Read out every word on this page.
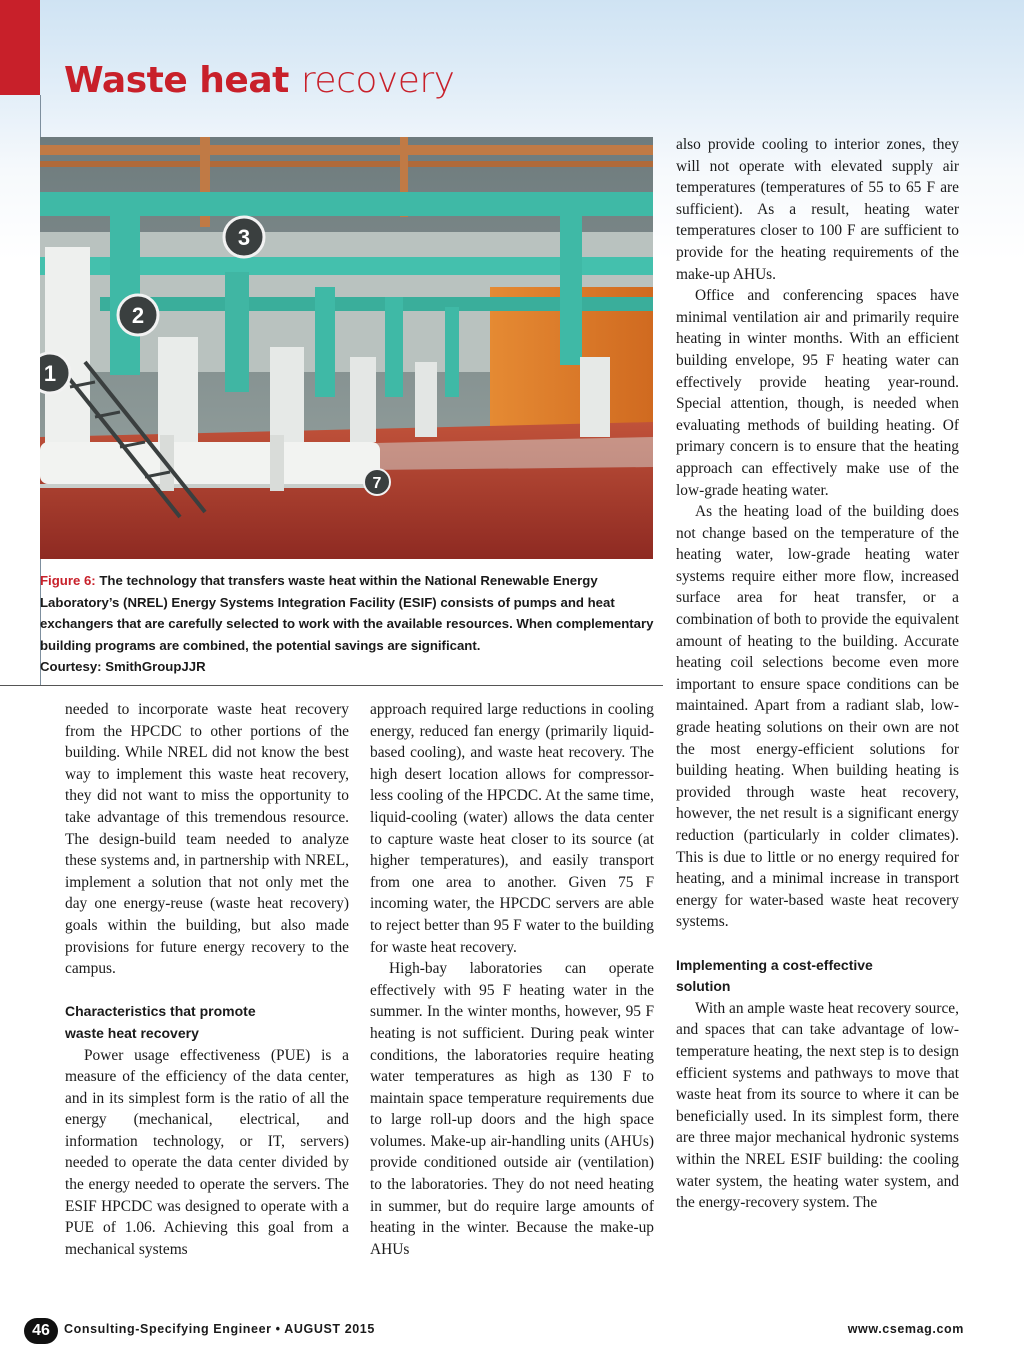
Waste heat recovery
1
2
3
7
Figure 6: The technology that transfers waste heat within the National Renewable Energy Laboratory’s (NREL) Energy Systems Integration Facility (ESIF) consists of pumps and heat exchangers that are carefully selected to work with the available resources. When complementary building programs are combined, the potential savings are significant.
Courtesy: SmithGroupJJR

needed to incorporate waste heat recovery from the HPCDC to other portions of the building. While NREL did not know the best way to implement this waste heat recovery, they did not want to miss the opportunity to take advantage of this tremendous resource. The design-build team needed to analyze these systems and, in partnership with NREL, implement a solution that not only met the day one energy-reuse (waste heat recovery) goals within the building, but also made provisions for future energy recovery to the campus.

Characteristics that promote
waste heat recovery

Power usage effectiveness (PUE) is a measure of the efficiency of the data center, and in its simplest form is the ratio of all the energy (mechanical, electrical, and information technology, or IT, servers) needed to operate the data center divided by the energy needed to operate the servers. The ESIF HPCDC was designed to operate with a PUE of 1.06. Achieving this goal from a mechanical systems

approach required large reductions in cooling energy, reduced fan energy (primarily liquid-based cooling), and waste heat recovery. The high desert location allows for compressor-less cooling of the HPCDC. At the same time, liquid-cooling (water) allows the data center to capture waste heat closer to its source (at higher temperatures), and easily transport from one area to another. Given 75 F incoming water, the HPCDC servers are able to reject better than 95 F water to the building for waste heat recovery.

High-bay laboratories can operate effectively with 95 F heating water in the summer. In the winter months, however, 95 F heating is not sufficient. During peak winter conditions, the laboratories require heating water temperatures as high as 130 F to maintain space temperature requirements due to large roll-up doors and the high space volumes. Make-up air-handling units (AHUs) provide conditioned outside air (ventilation) to the laboratories. They do not need heating in summer, but do require large amounts of heating in the winter. Because the make-up AHUs

also provide cooling to interior zones, they will not operate with elevated supply air temperatures (temperatures of 55 to 65 F are sufficient). As a result, heating water temperatures closer to 100 F are sufficient to provide for the heating requirements of the make-up AHUs.

Office and conferencing spaces have minimal ventilation air and primarily require heating in winter months. With an efficient building envelope, 95 F heating water can effectively provide heating year-round. Special attention, though, is needed when evaluating methods of building heating. Of primary concern is to ensure that the heating approach can effectively make use of the low-grade heating water.

As the heating load of the building does not change based on the temperature of the heating water, low-grade heating water systems require either more flow, increased surface area for heat transfer, or a combination of both to provide the equivalent amount of heating to the building. Accurate heating coil selections become even more important to ensure space conditions can be maintained. Apart from a radiant slab, low-grade heating solutions on their own are not the most energy-efficient solutions for building heating. When building heating is provided through waste heat recovery, however, the net result is a significant energy reduction (particularly in colder climates). This is due to little or no energy required for heating, and a minimal increase in transport energy for water-based waste heat recovery systems.

Implementing a cost-effective
solution

With an ample waste heat recovery source, and spaces that can take advantage of low-temperature heating, the next step is to design efficient systems and pathways to move that waste heat from its source to where it can be beneficially used. In its simplest form, there are three major mechanical hydronic systems within the NREL ESIF building: the cooling water system, the heating water system, and the energy-recovery system. The

46	Consulting-Specifying Engineer • AUGUST 2015	www.csemag.com
